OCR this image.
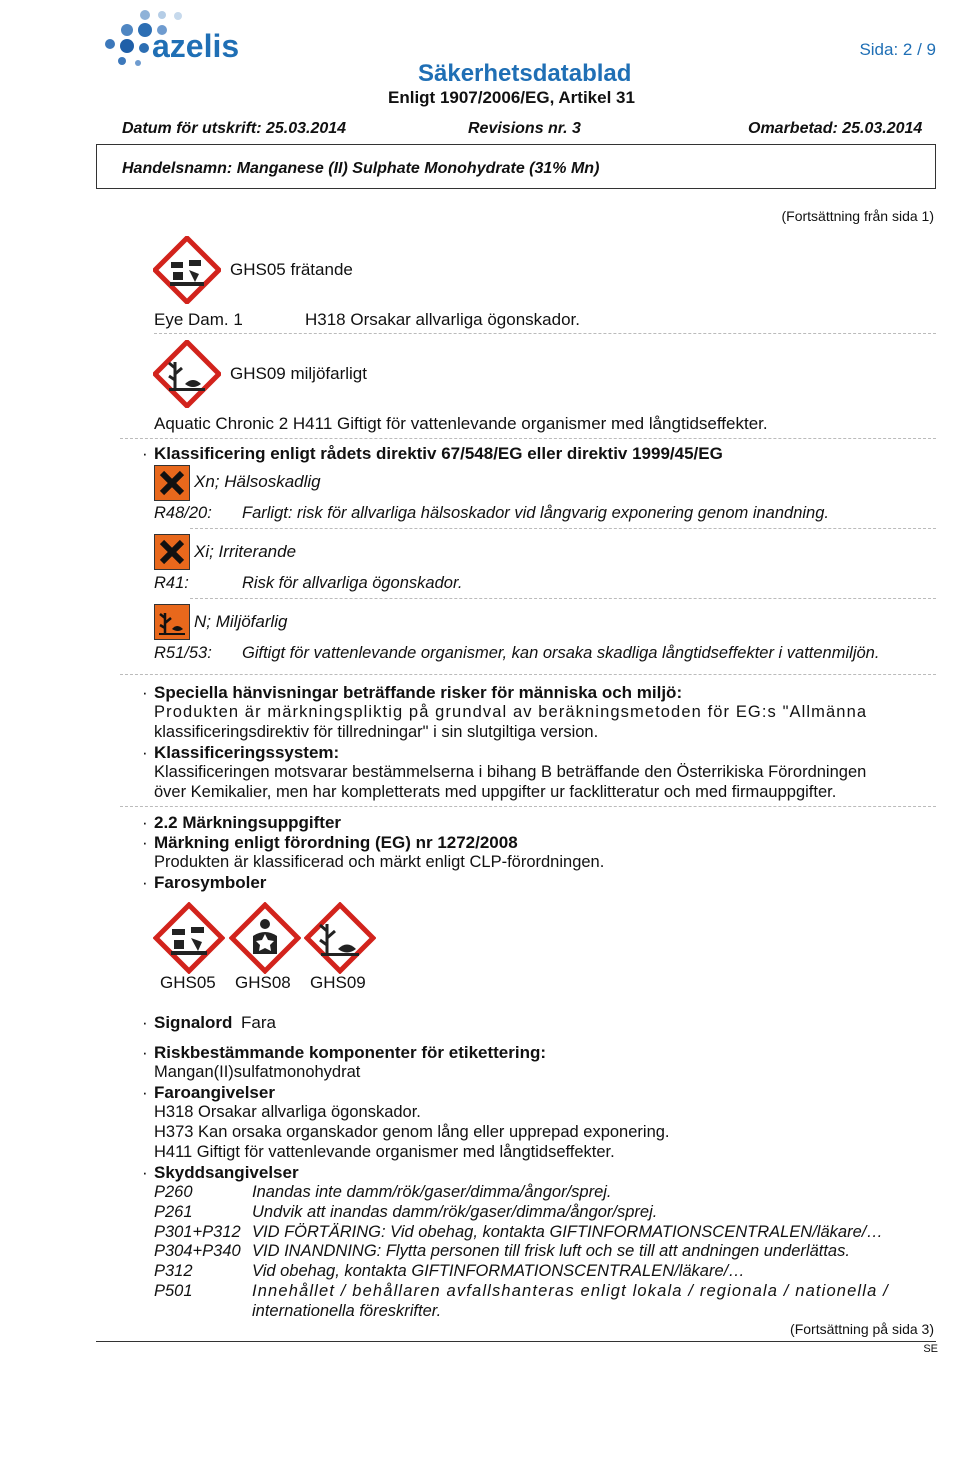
azelis	Sida: 2 / 9
Säkerhetsdatablad
Enligt 1907/2006/EG, Artikel 31
Datum för utskrift: 25.03.2014	Revisions nr. 3	Omarbetad: 25.03.2014
Handelsnamn: Manganese (II) Sulphate Monohydrate (31% Mn)
(Fortsättning från sida 1)
GHS05 frätande
Eye Dam. 1	H318 Orsakar allvarliga ögonskador.
GHS09 miljöfarligt
Aquatic Chronic 2 H411 Giftigt för vattenlevande organismer med långtidseffekter.
· Klassificering enligt rådets direktiv 67/548/EG eller direktiv 1999/45/EG
Xn; Hälsoskadlig
R48/20: Farligt: risk för allvarliga hälsoskador vid långvarig exponering genom inandning.
Xi; Irriterande
R41:	Risk för allvarliga ögonskador.
N; Miljöfarlig
R51/53: Giftigt för vattenlevande organismer, kan orsaka skadliga långtidseffekter i vattenmiljön.
· Speciella hänvisningar beträffande risker för människa och miljö:
Produkten är märkningspliktig på grundval av beräkningsmetoden för EG:s "Allmänna
klassificeringsdirektiv för tillredningar" i sin slutgiltiga version.
· Klassificeringssystem:
Klassificeringen motsvarar bestämmelserna i bihang B beträffande den Österrikiska Förordningen
över Kemikalier, men har kompletterats med uppgifter ur facklitteratur och med firmauppgifter.
· 2.2 Märkningsuppgifter
· Märkning enligt förordning (EG) nr 1272/2008
Produkten är klassificerad och märkt enligt CLP-förordningen.
· Farosymboler
GHS05 GHS08 GHS09
· Signalord Fara
· Riskbestämmande komponenter för etikettering:
Mangan(II)sulfatmonohydrat
· Faroangivelser
H318 Orsakar allvarliga ögonskador.
H373 Kan orsaka organskador genom lång eller upprepad exponering.
H411 Giftigt för vattenlevande organismer med långtidseffekter.
· Skyddsangivelser
P260	Inandas inte damm/rök/gaser/dimma/ångor/sprej.
P261	Undvik att inandas damm/rök/gaser/dimma/ångor/sprej.
P301+P312 VID FÖRTÄRING: Vid obehag, kontakta GIFTINFORMATIONSCENTRALEN/läkare/…
P304+P340 VID INANDNING: Flytta personen till frisk luft och se till att andningen underlättas.
P312	Vid obehag, kontakta GIFTINFORMATIONSCENTRALEN/läkare/…
P501	Innehållet / behållaren avfallshanteras enligt lokala / regionala / nationella /
internationella föreskrifter.
(Fortsättning på sida 3)
SE
